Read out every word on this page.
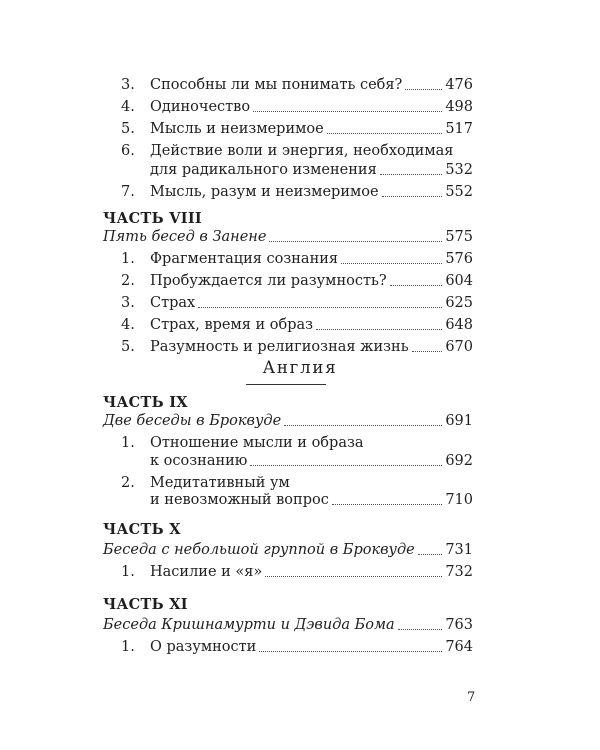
3.	Способны ли мы понимать себя?	476
4.	Одиночество	498
5.	Мысль и неизмеримое	517
6.	Действие воли и энергия, необходимая
для радикального изменения	532
7.	Мысль, разум и неизмеримое	552
ЧАСТЬ VIII
Пять бесед в Занене	575
1.	Фрагментация сознания	576
2.	Пробуждается ли разумность?	604
3.	Страх	625
4.	Страх, время и образ	648
5.	Разумность и религиозная жизнь	670
Англия
ЧАСТЬ IX
Две беседы в Броквуде	691
1.	Отношение мысли и образа
к осознанию	692
2.	Медитативный ум
и невозможный вопрос	710
ЧАСТЬ X
Беседа с небольшой группой в Броквуде 731
1.	Насилие и «я»	732
ЧАСТЬ XI
Беседа Кришнамурти и Дэвида Бома	763
1.	О разумности	764
7
